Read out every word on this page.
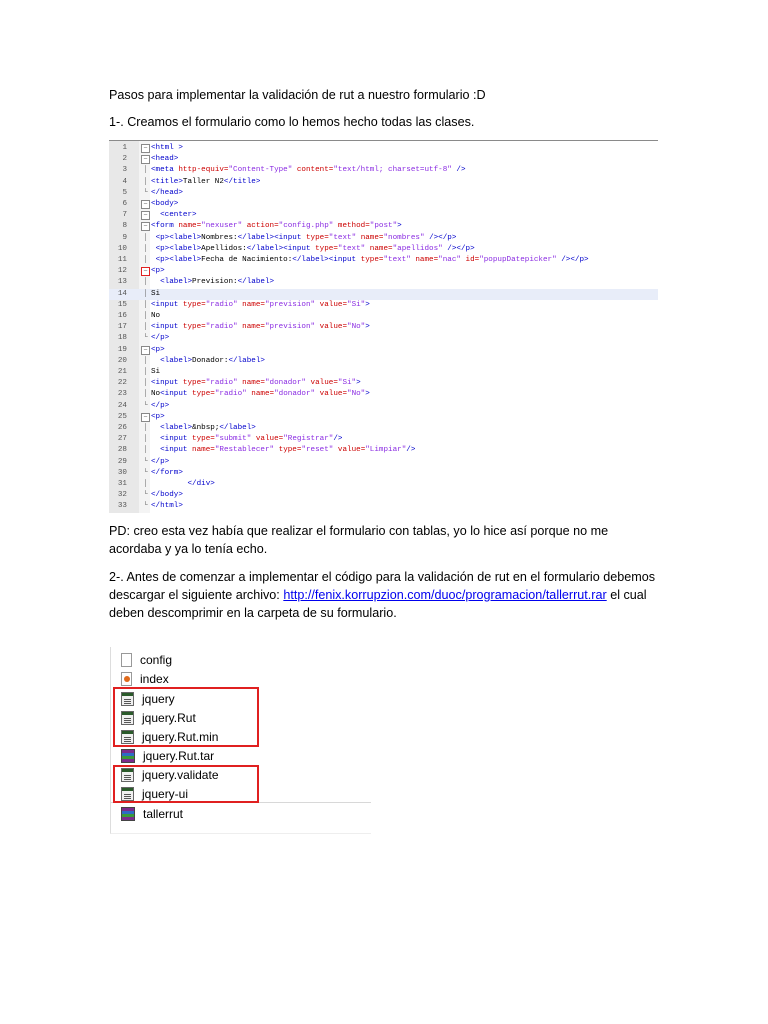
Pasos para implementar la validación de rut a nuestro formulario :D

1-. Creamos el formulario como lo hemos hecho todas las clases.

1	− <html >
2	− <head>
3	│ <meta http-equiv="Content-Type" content="text/html; charset=utf-8" />
4	│ <title>Taller N2</title>
5	└ </head>
6	− <body>
7	−	<center>
8	− <form name="nexuser" action="config.php" method="post">
9	│	<p><label>Nombres:</label><input type="text" name="nombres" /></p>
10	│	<p><label>Apellidos:</label><input type="text" name="apellidos" /></p>
11	│	<p><label>Fecha de Nacimiento:</label><input type="text" name="nac" id="popupDatepicker" /></p>
12	− <p>
13	│	<label>Prevision:</label>
14	│ Si
15	│ <input type="radio" name="prevision" value="Si">
16	│ No
17	│ <input type="radio" name="prevision" value="No">
18	└ </p>
19	− <p>
20	│	<label>Donador:</label>
21	│ Si
22	│ <input type="radio" name="donador" value="Si">
23	│ No<input type="radio" name="donador" value="No">
24	└ </p>
25	− <p>
26	│	<label>&nbsp;</label>
27	│	<input type="submit" value="Registrar"/>
28	│	<input name="Restablecer" type="reset" value="Limpiar"/>
29	└ </p>
30	└ </form>
31	│	</div>
32	└ </body>
33	└ </html>

PD: creo esta vez había que realizar el formulario con tablas, yo lo hice así porque no me acordaba y ya lo tenía echo.

2-. Antes de comenzar a implementar el código para la validación de rut en el formulario debemos descargar el siguiente archivo: http://fenix.korrupzion.com/duoc/programacion/tallerrut.rar el cual deben descomprimir en la carpeta de su formulario.

config
index
jquery
jquery.Rut
jquery.Rut.min
jquery.Rut.tar
jquery.validate
jquery-ui
tallerrut
